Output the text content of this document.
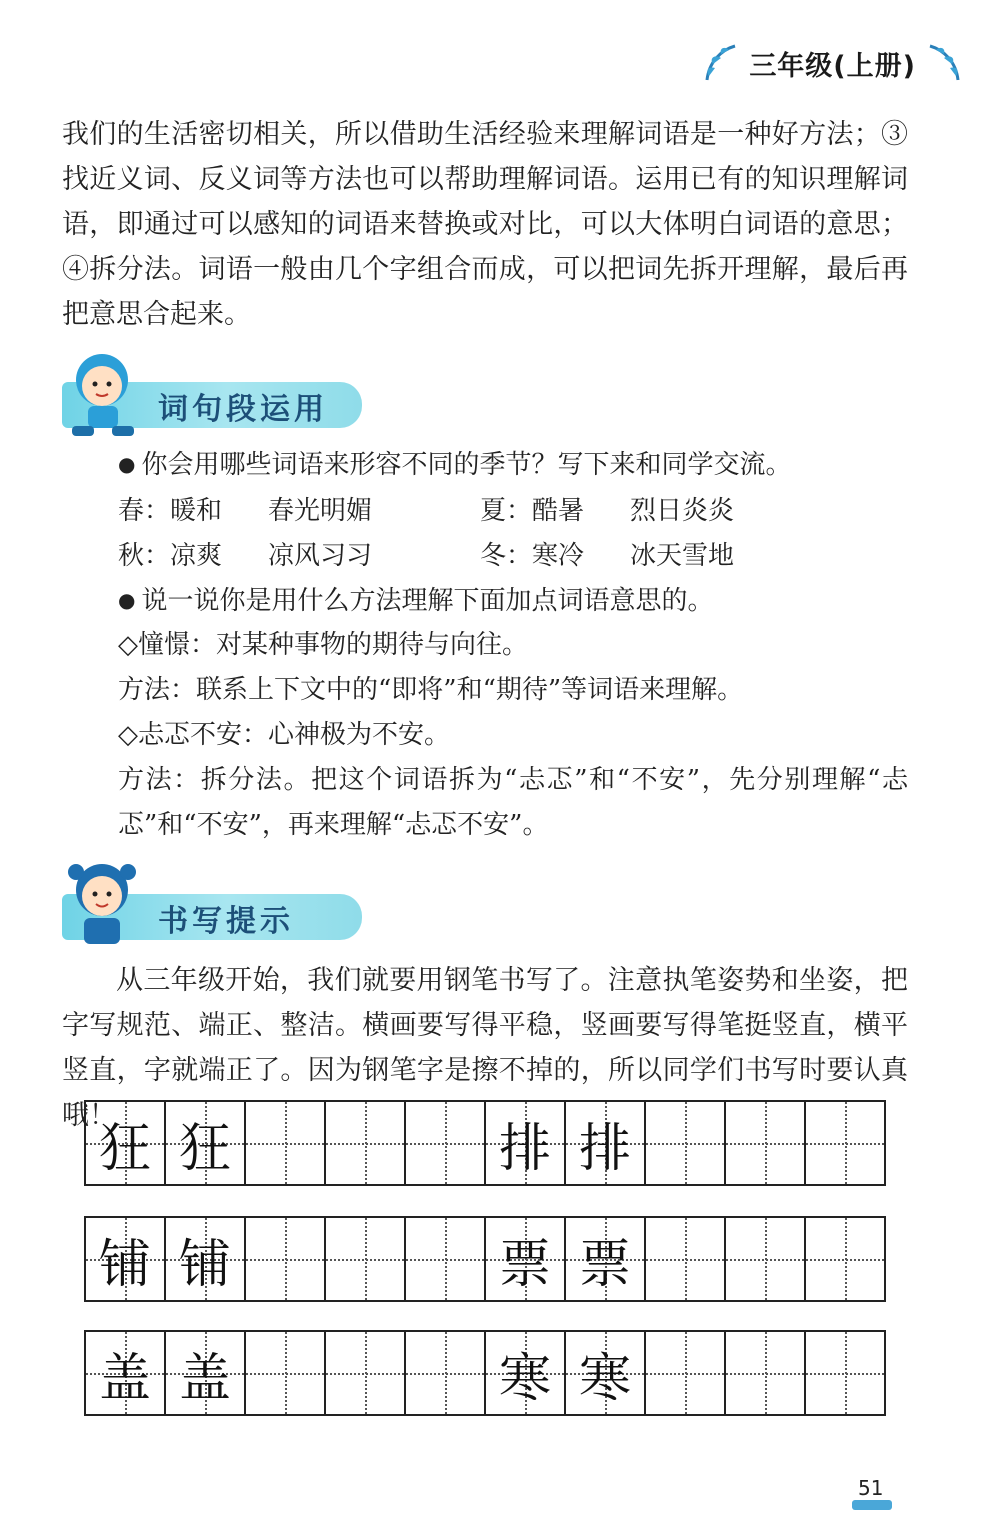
三年级(上册)

我们的生活密切相关，所以借助生活经验来理解词语是一种好方法；③找近义词、反义词等方法也可以帮助理解词语。运用已有的知识理解词语，即通过可以感知的词语来替换或对比，可以大体明白词语的意思；④拆分法。词语一般由几个字组合而成，可以把词先拆开理解，最后再把意思合起来。

词句段运用
● 你会用哪些词语来形容不同的季节？写下来和同学交流。
春：暖和 春光明媚	夏：酷暑 烈日炎炎
秋：凉爽 凉风习习	冬：寒冷 冰天雪地
● 说一说你是用什么方法理解下面加点词语意思的。
◇憧憬：对某种事物的期待与向往。
方法：联系上下文中的“即将”和“期待”等词语来理解。
◇忐忑不安：心神极为不安。

方法：拆分法。把这个词语拆为“忐忑”和“不安”，先分别理解“忐忑”和“不安”，再来理解“忐忑不安”。

书写提示

从三年级开始，我们就要用钢笔书写了。注意执笔姿势和坐姿，把字写规范、端正、整洁。横画要写得平稳，竖画要写得笔挺竖直，横平竖直，字就端正了。因为钢笔字是擦不掉的，所以同学们书写时要认真哦！

狂 狂	排 排
铺 铺	票 票
盖 盖	寒 寒
51
